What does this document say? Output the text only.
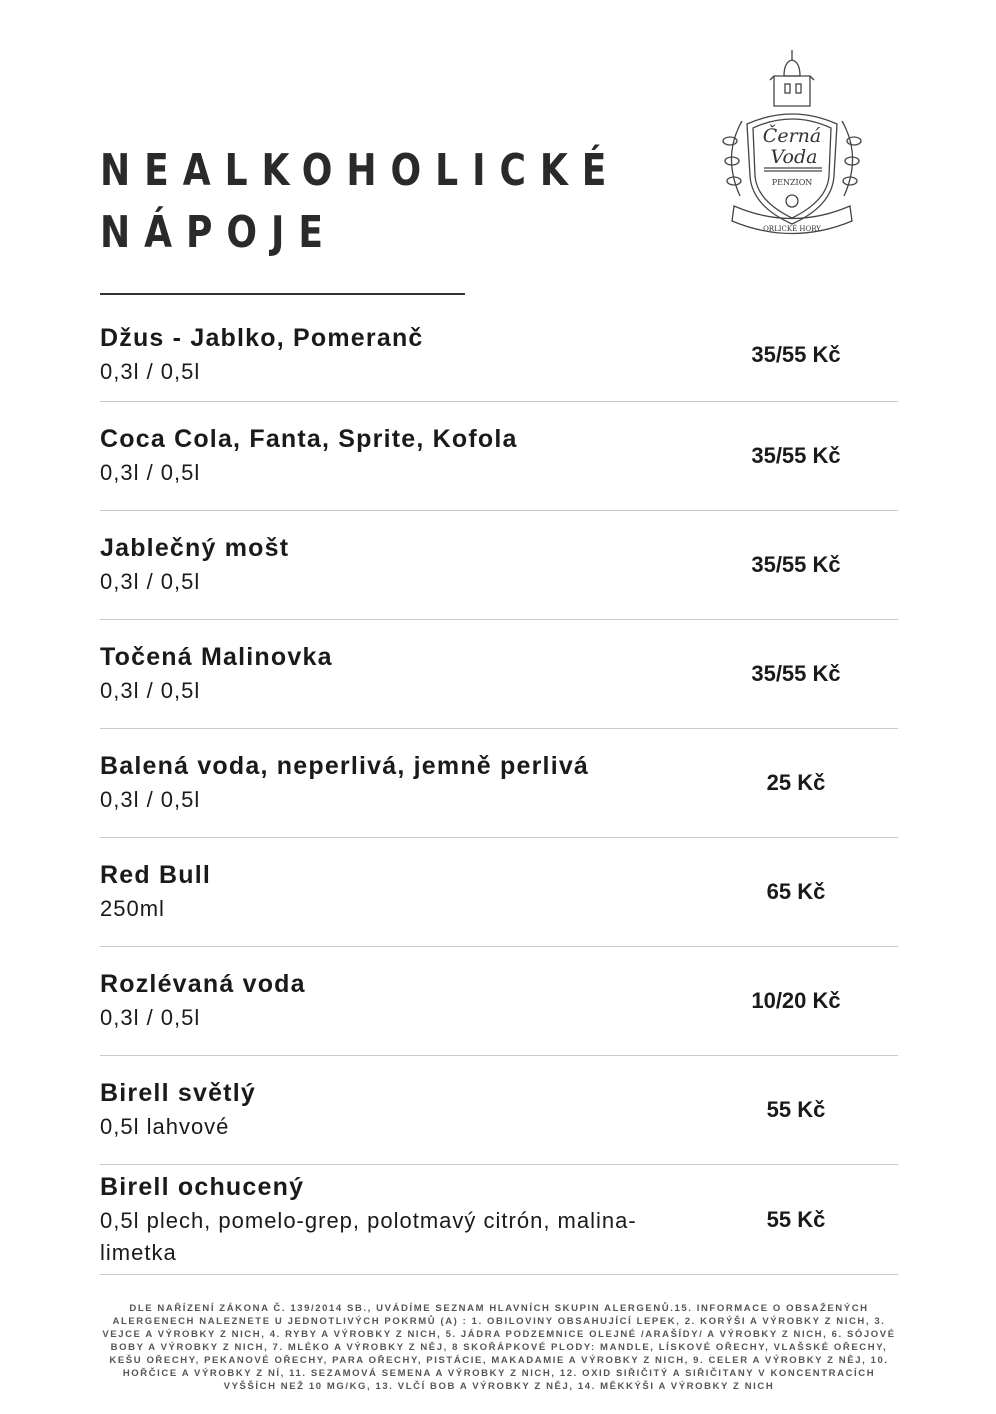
NEALKOHOLICKÉ
NÁPOJE
Černá
Voda
PENZION
ORLICKÉ HORY
Džus - Jablko, Pomeranč
0,3l / 0,5l
35/55 Kč
Coca Cola, Fanta, Sprite, Kofola
0,3l / 0,5l
35/55 Kč
Jablečný mošt
0,3l / 0,5l
35/55 Kč
Točená Malinovka
0,3l / 0,5l
35/55 Kč
Balená voda, neperlivá, jemně perlivá
0,3l / 0,5l
25 Kč
Red Bull
250ml
65 Kč
Rozlévaná voda
0,3l / 0,5l
10/20 Kč
Birell světlý
0,5l lahvové
55 Kč
Birell ochucený
0,5l plech, pomelo-grep, polotmavý citrón, malina-limetka
55 Kč
DLE NAŘÍZENÍ ZÁKONA Č. 139/2014 SB., UVÁDÍME SEZNAM HLAVNÍCH SKUPIN ALERGENŮ.15. INFORMACE O OBSAŽENÝCH ALERGENECH NALEZNETE U JEDNOTLIVÝCH POKRMŮ (A) : 1. OBILOVINY OBSAHUJÍCÍ LEPEK, 2. KORÝŠI A VÝROBKY Z NICH, 3. VEJCE A VÝROBKY Z NICH, 4. RYBY A VÝROBKY Z NICH, 5. JÁDRA PODZEMNICE OLEJNÉ /ARAŠÍDY/ A VÝROBKY Z NICH, 6. SÓJOVÉ BOBY A VÝROBKY Z NICH, 7. MLÉKO A VÝROBKY Z NĚJ, 8 SKOŘÁPKOVÉ PLODY: MANDLE, LÍSKOVÉ OŘECHY, VLAŠSKÉ OŘECHY, KEŠU OŘECHY, PEKANOVÉ OŘECHY, PARA OŘECHY, PISTÁCIE, MAKADAMIE A VÝROBKY Z NICH, 9. CELER A VÝROBKY Z NĚJ, 10. HOŘČICE A VÝROBKY Z NÍ, 11. SEZAMOVÁ SEMENA A VÝROBKY Z NICH, 12. OXID SIŘIČITÝ A SIŘIČITANY V KONCENTRACÍCH VYŠŠÍCH NEŽ 10 MG/KG, 13. VLČÍ BOB A VÝROBKY Z NĚJ, 14. MĚKKÝŠI A VÝROBKY Z NICH
